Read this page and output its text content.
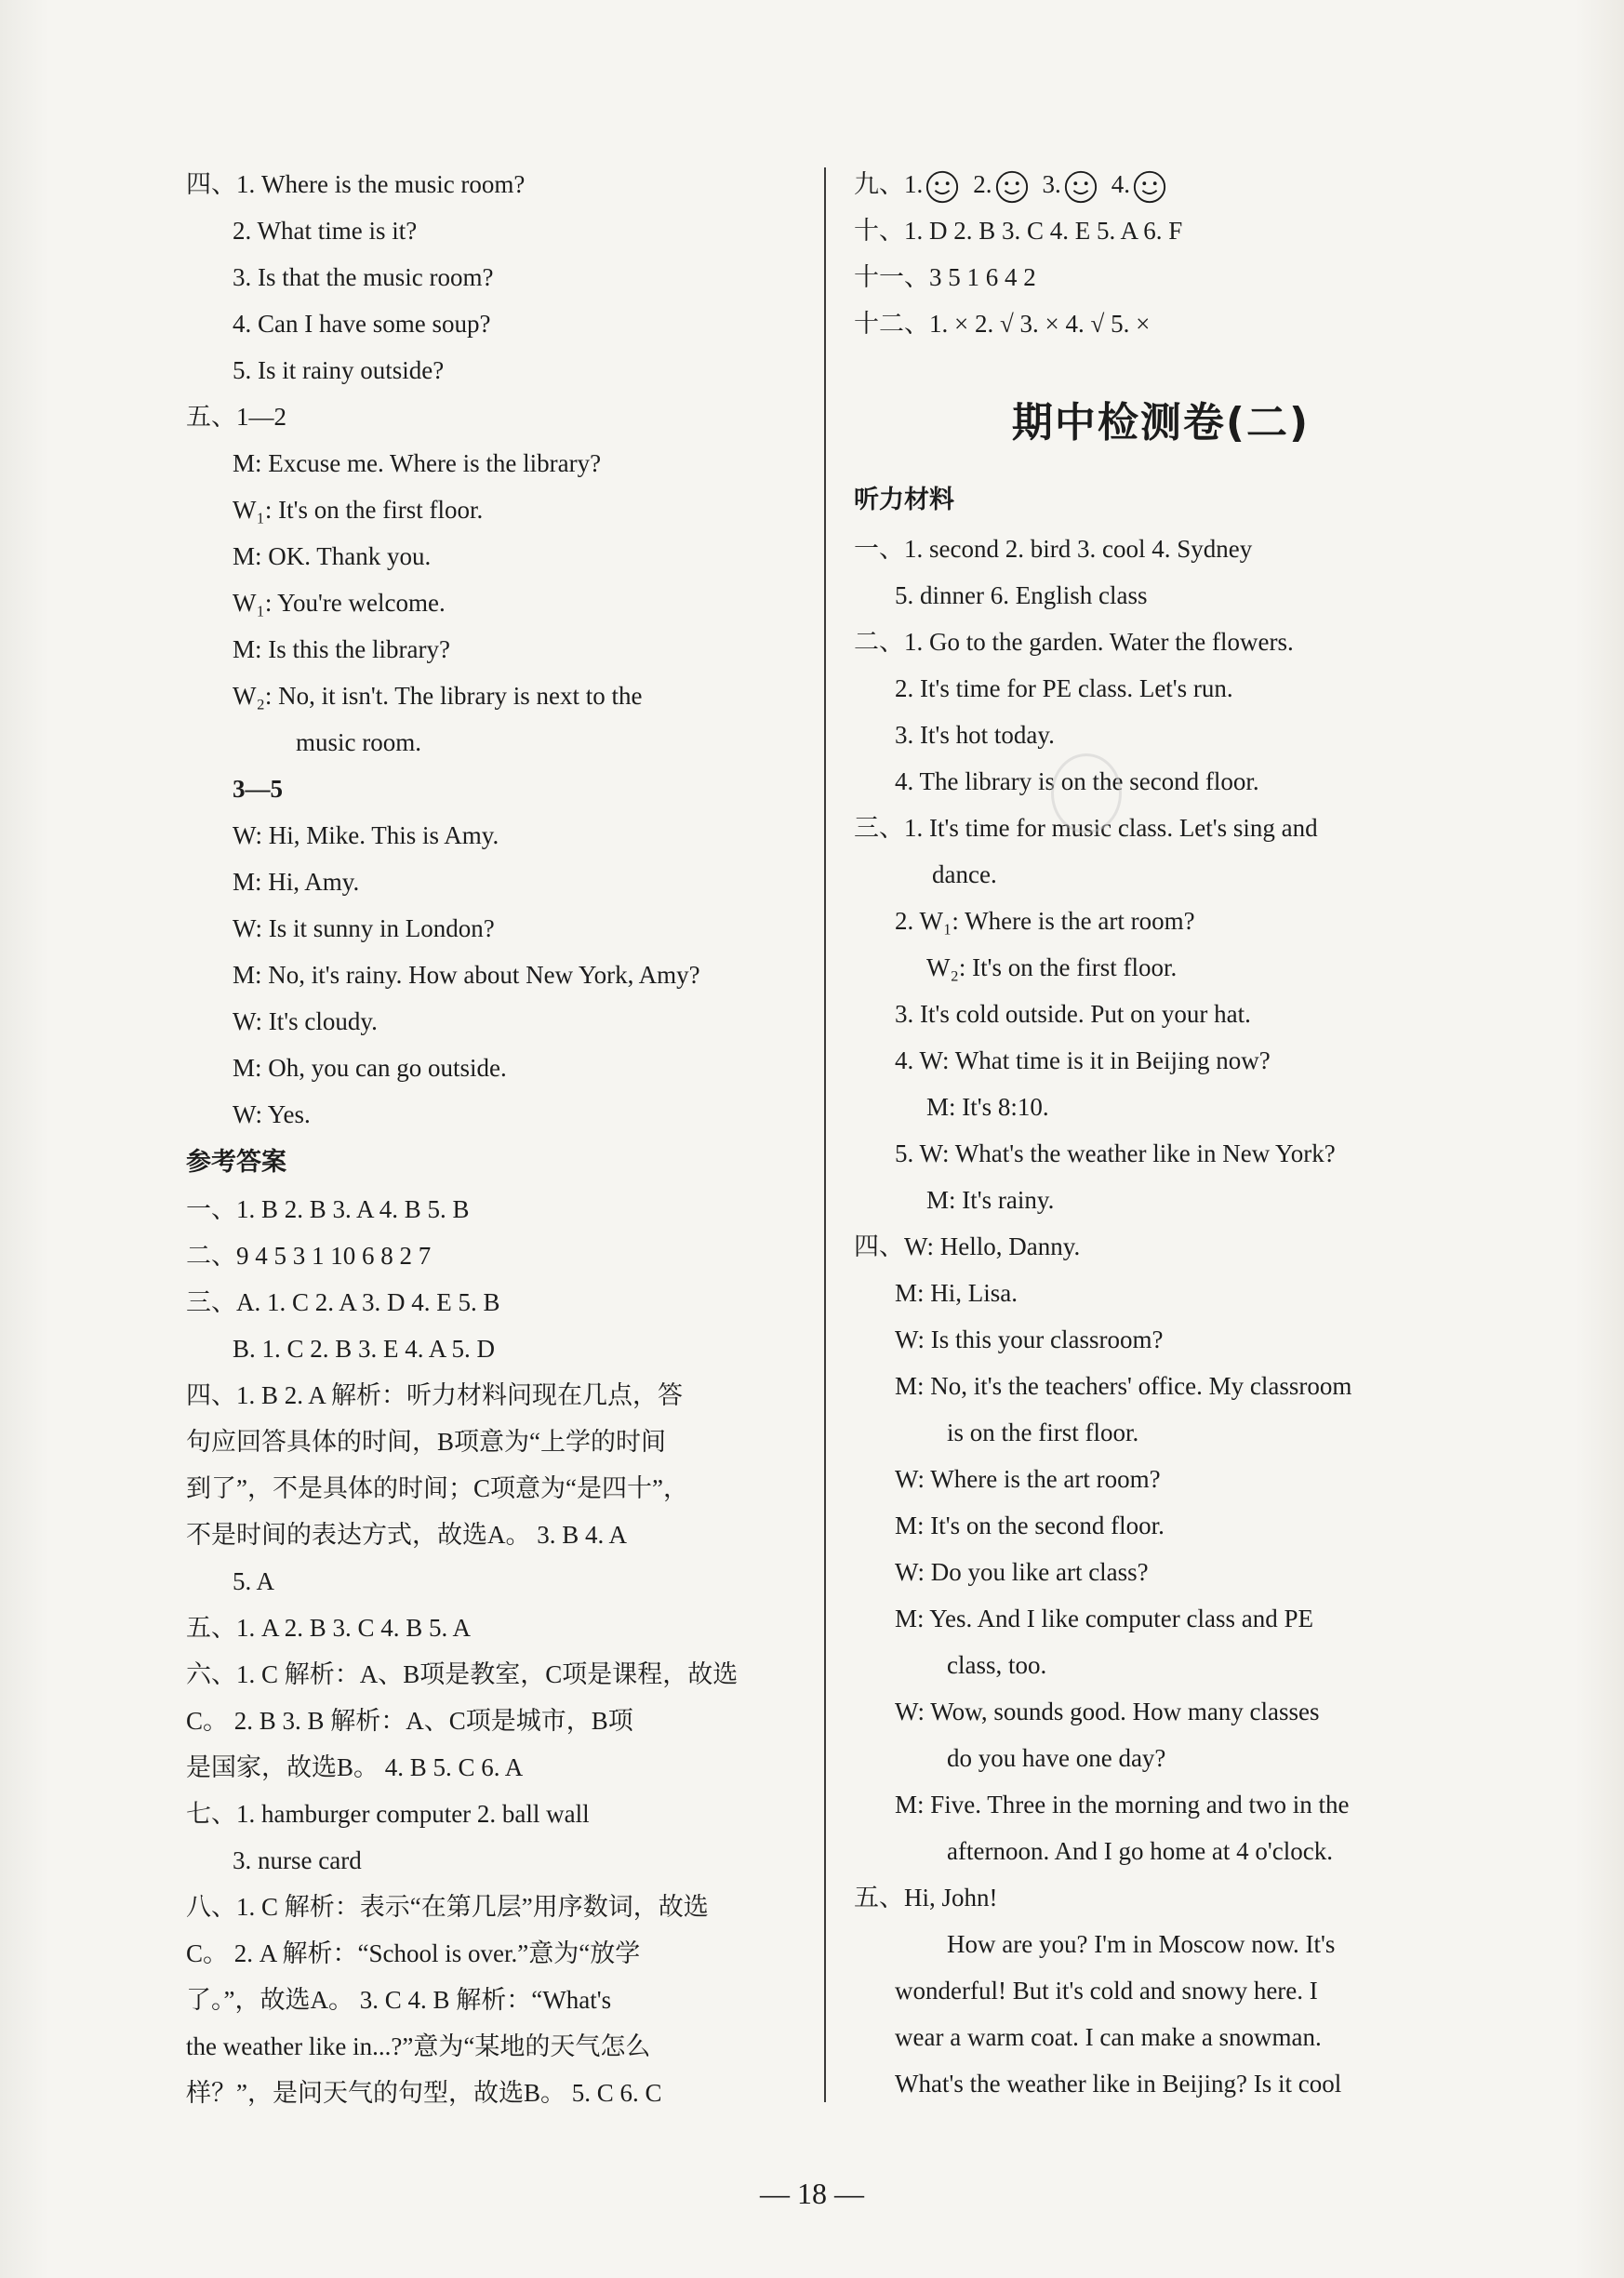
四、1. Where is the music room?
2. What time is it?
3. Is that the music room?
4. Can I have some soup?
5. Is it rainy outside?
五、1—2
M: Excuse me. Where is the library?
W₁: It's on the first floor.
M: OK. Thank you.
W₁: You're welcome.
M: Is this the library?
W₂: No, it isn't. The library is next to the
music room.
3—5
W: Hi, Mike. This is Amy.
M: Hi, Amy.
W: Is it sunny in London?
M: No, it's rainy. How about New York, Amy?
W: It's cloudy.
M: Oh, you can go outside.
W: Yes.
参考答案
一、1. B 2. B 3. A 4. B 5. B
二、9 4 5 3 1 10 6 8 2 7
三、A. 1. C 2. A 3. D 4. E 5. B
B. 1. C 2. B 3. E 4. A 5. D
四、1. B 2. A 解析：听力材料问现在几点，答
句应回答具体的时间，B项意为“上学的时间
到了”，不是具体的时间；C项意为“是四十”，
不是时间的表达方式，故选A。 3. B 4. A
5. A
五、1. A 2. B 3. C 4. B 5. A
六、1. C 解析：A、B项是教室，C项是课程，故选
C。 2. B 3. B 解析：A、C项是城市，B项
是国家，故选B。 4. B 5. C 6. A
七、1. hamburger computer 2. ball wall
3. nurse card
八、1. C 解析：表示“在第几层”用序数词，故选
C。 2. A 解析：“School is over.”意为“放学
了。”，故选A。 3. C 4. B 解析：“What's
the weather like in...?”意为“某地的天气怎么
样？”，是问天气的句型，故选B。 5. C 6. C
九、1. 2. 3. 4.
十、1. D 2. B 3. C 4. E 5. A 6. F
十一、3 5 1 6 4 2
十二、1. × 2. √ 3. × 4. √ 5. ×
期中检测卷(二)
听力材料
一、1. second 2. bird 3. cool 4. Sydney
5. dinner 6. English class
二、1. Go to the garden. Water the flowers.
2. It's time for PE class. Let's run.
3. It's hot today.
4. The library is on the second floor.
三、1. It's time for music class. Let's sing and
dance.
2. W₁: Where is the art room?
W₂: It's on the first floor.
3. It's cold outside. Put on your hat.
4. W: What time is it in Beijing now?
M: It's 8:10.
5. W: What's the weather like in New York?
M: It's rainy.
四、W: Hello, Danny.
M: Hi, Lisa.
W: Is this your classroom?
M: No, it's the teachers' office. My classroom
is on the first floor.
W: Where is the art room?
M: It's on the second floor.
W: Do you like art class?
M: Yes. And I like computer class and PE
class, too.
W: Wow, sounds good. How many classes
do you have one day?
M: Five. Three in the morning and two in the
afternoon. And I go home at 4 o'clock.
五、Hi, John!
How are you? I'm in Moscow now. It's
wonderful! But it's cold and snowy here. I
wear a warm coat. I can make a snowman.
What's the weather like in Beijing? Is it cool
— 18 —
